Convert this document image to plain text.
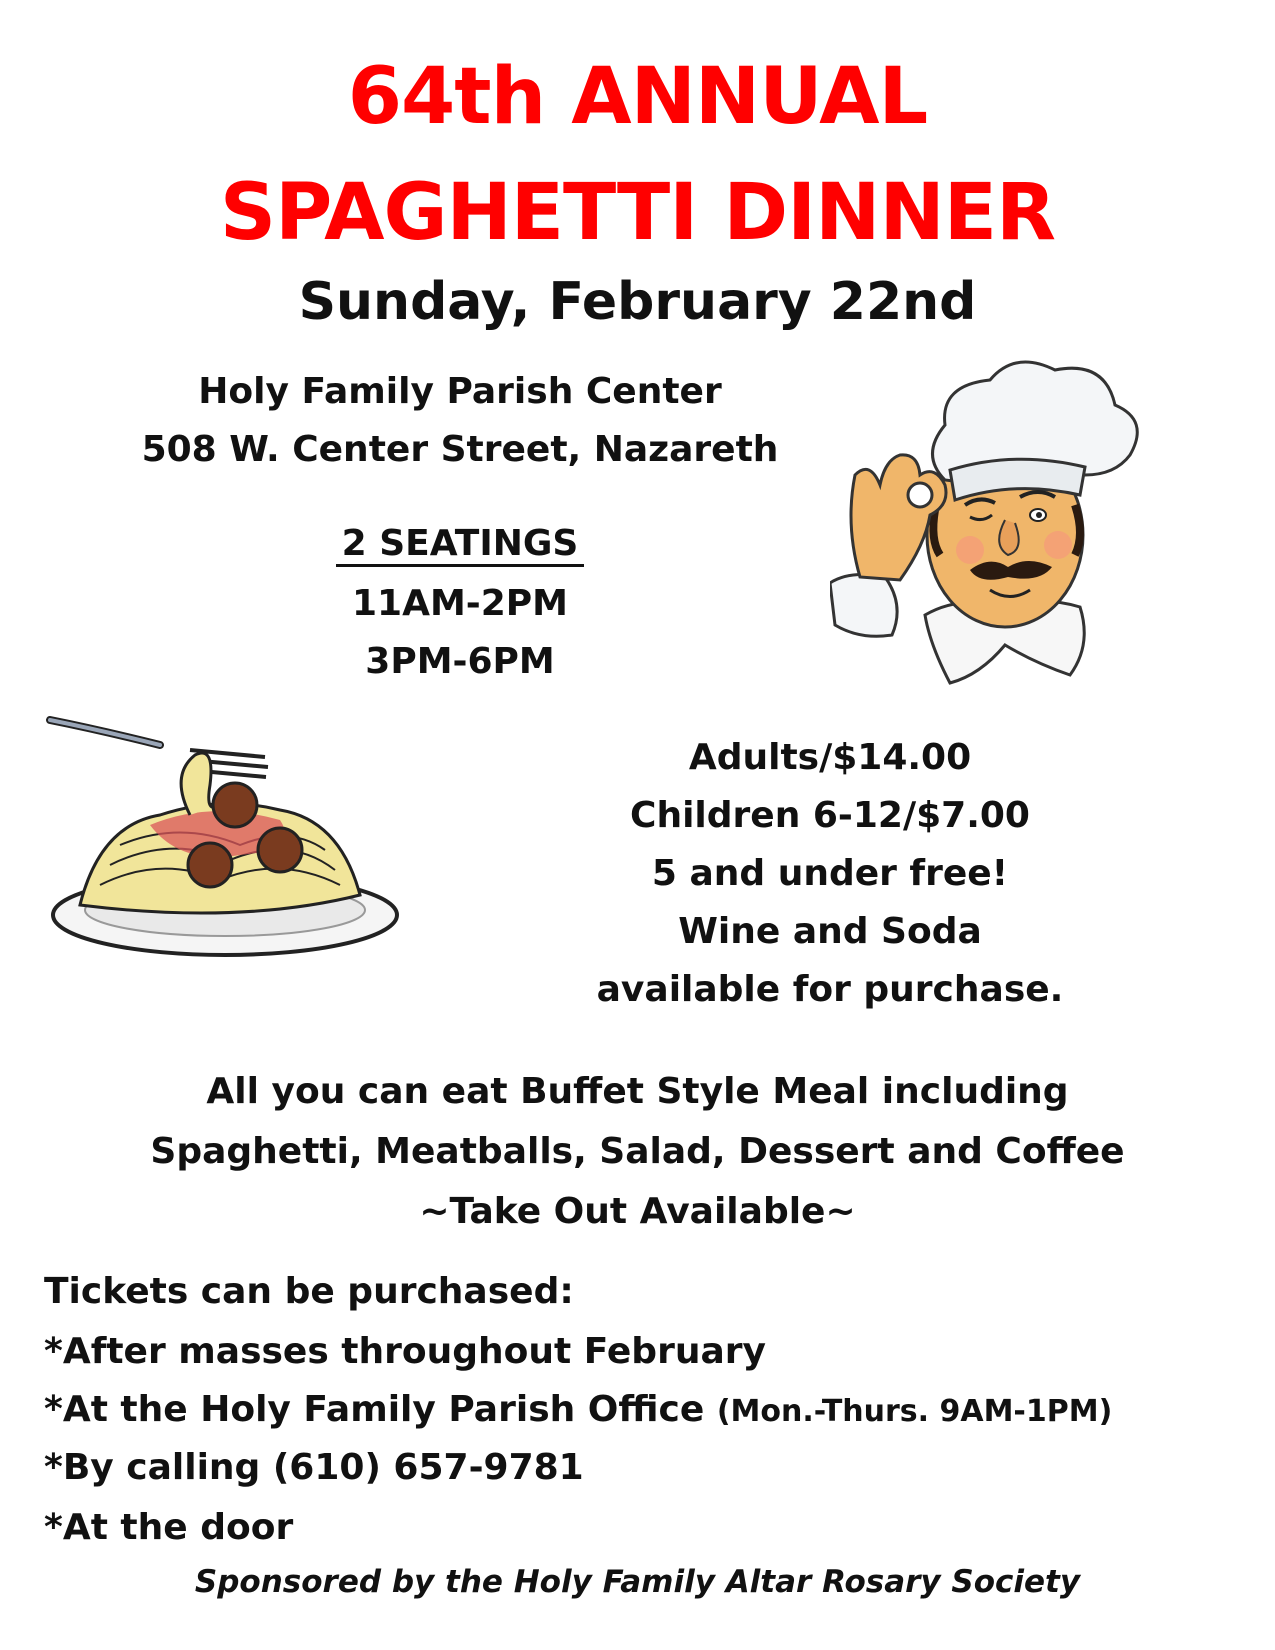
64th ANNUAL
SPAGHETTI DINNER
Sunday, February 22nd
Holy Family Parish Center
508 W. Center Street, Nazareth
2 SEATINGS
11AM-2PM
3PM-6PM
Adults/$14.00
Children 6-12/$7.00
5 and under free!
Wine and Soda
available for purchase.
All you can eat Buffet Style Meal including
Spaghetti, Meatballs, Salad, Dessert and Coffee
~Take Out Available~
Tickets can be purchased:
*After masses throughout February
*At the Holy Family Parish Office (Mon.-Thurs. 9AM-1PM)
*By calling (610) 657-9781
*At the door
Sponsored by the Holy Family Altar Rosary Society
